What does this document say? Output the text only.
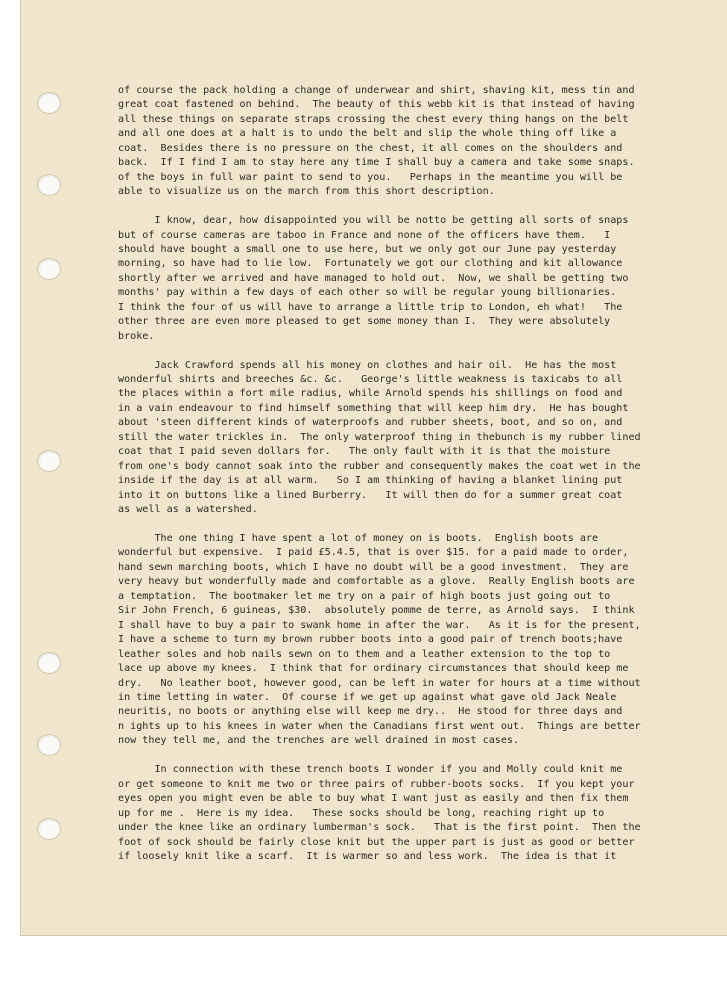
of course the pack holding a change of underwear and shirt, shaving kit, mess tin and
great coat fastened on behind.  The beauty of this webb kit is that instead of having
all these things on separate straps crossing the chest every thing hangs on the belt
and all one does at a halt is to undo the belt and slip the whole thing off like a
coat.  Besides there is no pressure on the chest, it all comes on the shoulders and
back.  If I find I am to stay here any time I shall buy a camera and take some snaps.
of the boys in full war paint to send to you.   Perhaps in the meantime you will be
able to visualize us on the march from this short description.
I know, dear, how disappointed you will be notto be getting all sorts of snaps
but of course cameras are taboo in France and none of the officers have them.   I
should have bought a small one to use here, but we only got our June pay yesterday
morning, so have had to lie low.  Fortunately we got our clothing and kit allowance
shortly after we arrived and have managed to hold out.  Now, we shall be getting two
months' pay within a few days of each other so will be regular young billionaries.
I think the four of us will have to arrange a little trip to London, eh what!   The
other three are even more pleased to get some money than I.  They were absolutely
broke.
Jack Crawford spends all his money on clothes and hair oil.  He has the most
wonderful shirts and breeches &c. &c.   George's little weakness is taxicabs to all
the places within a fort mile radius, while Arnold spends his shillings on food and
in a vain endeavour to find himself something that will keep him dry.  He has bought
about 'steen different kinds of waterproofs and rubber sheets, boot, and so on, and
still the water trickles in.  The only waterproof thing in thebunch is my rubber lined
coat that I paid seven dollars for.   The only fault with it is that the moisture
from one's body cannot soak into the rubber and consequently makes the coat wet in the
inside if the day is at all warm.   So I am thinking of having a blanket lining put
into it on buttons like a lined Burberry.   It will then do for a summer great coat
as well as a watershed.
The one thing I have spent a lot of money on is boots.  English boots are
wonderful but expensive.  I paid £5.4.5, that is over $15. for a paid made to order,
hand sewn marching boots, which I have no doubt will be a good investment.  They are
very heavy but wonderfully made and comfortable as a glove.  Really English boots are
a temptation.  The bootmaker let me try on a pair of high boots just going out to
Sir John French, 6 guineas, $30.  absolutely pomme de terre, as Arnold says.  I think
I shall have to buy a pair to swank home in after the war.   As it is for the present,
I have a scheme to turn my brown rubber boots into a good pair of trench boots;have
leather soles and hob nails sewn on to them and a leather extension to the top to
lace up above my knees.  I think that for ordinary circumstances that should keep me
dry.   No leather boot, however good, can be left in water for hours at a time without
in time letting in water.  Of course if we get up against what gave old Jack Neale
neuritis, no boots or anything else will keep me dry..  He stood for three days and
n ights up to his knees in water when the Canadians first went out.  Things are better
now they tell me, and the trenches are well drained in most cases.
In connection with these trench boots I wonder if you and Molly could knit me
or get someone to knit me two or three pairs of rubber-boots socks.  If you kept your
eyes open you might even be able to buy what I want just as easily and then fix them
up for me .  Here is my idea.   These socks should be long, reaching right up to
under the knee like an ordinary lumberman's sock.   That is the first point.  Then the
foot of sock should be fairly close knit but the upper part is just as good or better
if loosely knit like a scarf.  It is warmer so and less work.  The idea is that it
